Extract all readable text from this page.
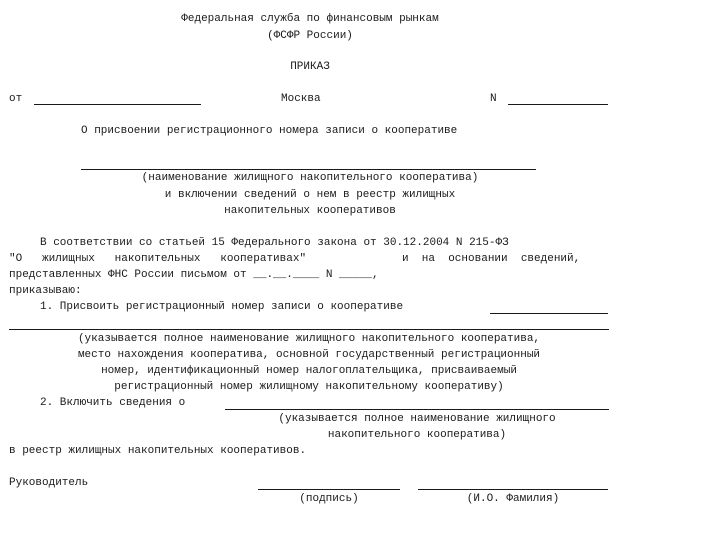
Федеральная служба по финансовым рынкам
(ФСФР России)
ПРИКАЗ
от	Москва	N
О присвоении регистрационного номера записи о кооперативе
(наименование жилищного накопительного кооператива)
и включении сведений о нем в реестр жилищных
накопительных кооперативов
В соответствии со статьей 15 Федерального закона от 30.12.2004 N 215-ФЗ
"О   жилищных   накопительных   кооперативах"	и  на  основании  сведений,
представленных ФНС России письмом от __.__.____ N _____,
приказываю:
1. Присвоить регистрационный номер записи о кооперативе
(указывается полное наименование жилищного накопительного кооператива,
место нахождения кооператива, основной государственный регистрационный
номер, идентификационный номер налогоплательщика, присваиваемый
регистрационный номер жилищному накопительному кооперативу)
2. Включить сведения о
(указывается полное наименование жилищного
накопительного кооператива)
в реестр жилищных накопительных кооперативов.
Руководитель
(подпись)	(И.О. Фамилия)
